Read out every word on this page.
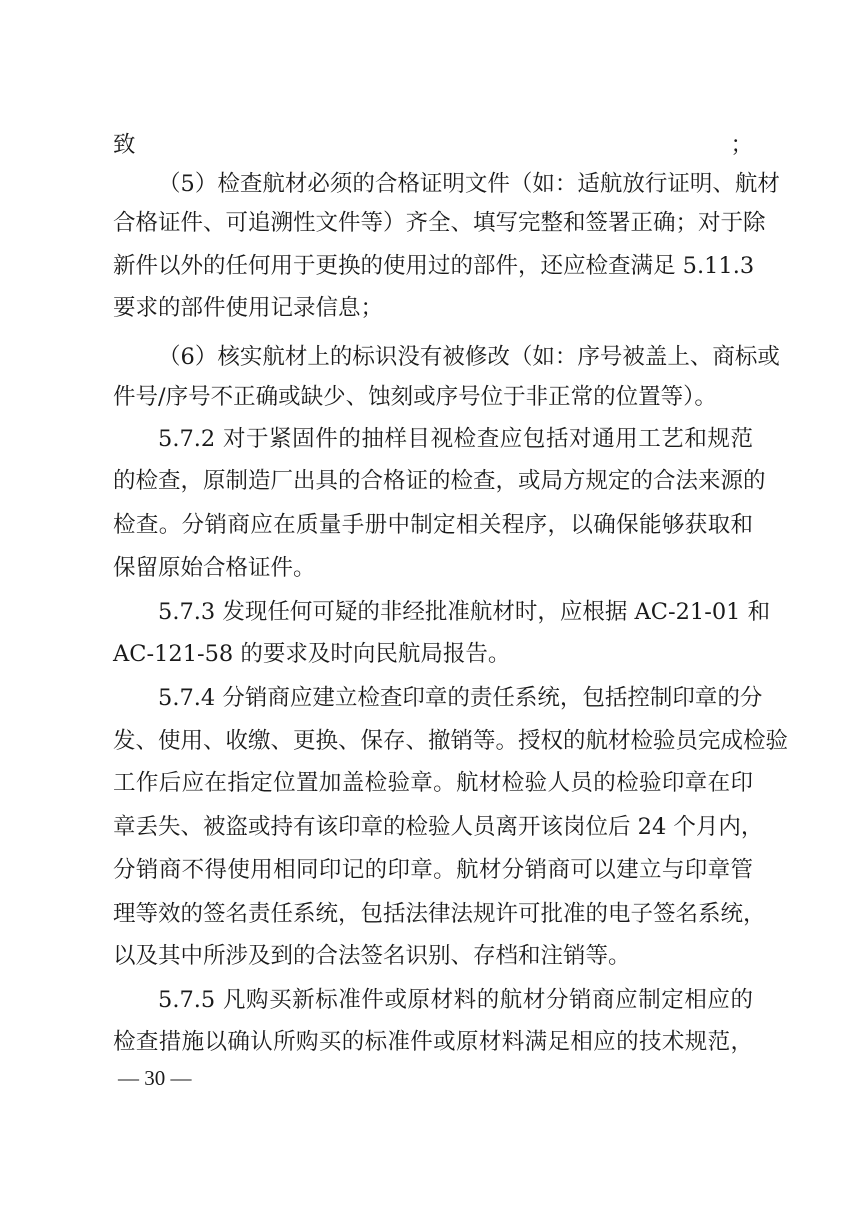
致；
（5）检查航材必须的合格证明文件（如：适航放行证明、航材
合格证件、可追溯性文件等）齐全、填写完整和签署正确；对于除
新件以外的任何用于更换的使用过的部件，还应检查满足 5.11.3
要求的部件使用记录信息；
（6）核实航材上的标识没有被修改（如：序号被盖上、商标或
件号/序号不正确或缺少、蚀刻或序号位于非正常的位置等）。
5.7.2 对于紧固件的抽样目视检查应包括对通用工艺和规范
的检查，原制造厂出具的合格证的检查，或局方规定的合法来源的
检查。分销商应在质量手册中制定相关程序，以确保能够获取和
保留原始合格证件。
5.7.3 发现任何可疑的非经批准航材时，应根据 AC-21-01 和
AC-121-58 的要求及时向民航局报告。
5.7.4 分销商应建立检查印章的责任系统，包括控制印章的分
发、使用、收缴、更换、保存、撤销等。授权的航材检验员完成检验
工作后应在指定位置加盖检验章。航材检验人员的检验印章在印
章丢失、被盗或持有该印章的检验人员离开该岗位后 24 个月内，
分销商不得使用相同印记的印章。航材分销商可以建立与印章管
理等效的签名责任系统，包括法律法规许可批准的电子签名系统，
以及其中所涉及到的合法签名识别、存档和注销等。
5.7.5 凡购买新标准件或原材料的航材分销商应制定相应的
检查措施以确认所购买的标准件或原材料满足相应的技术规范，
— 30 —
